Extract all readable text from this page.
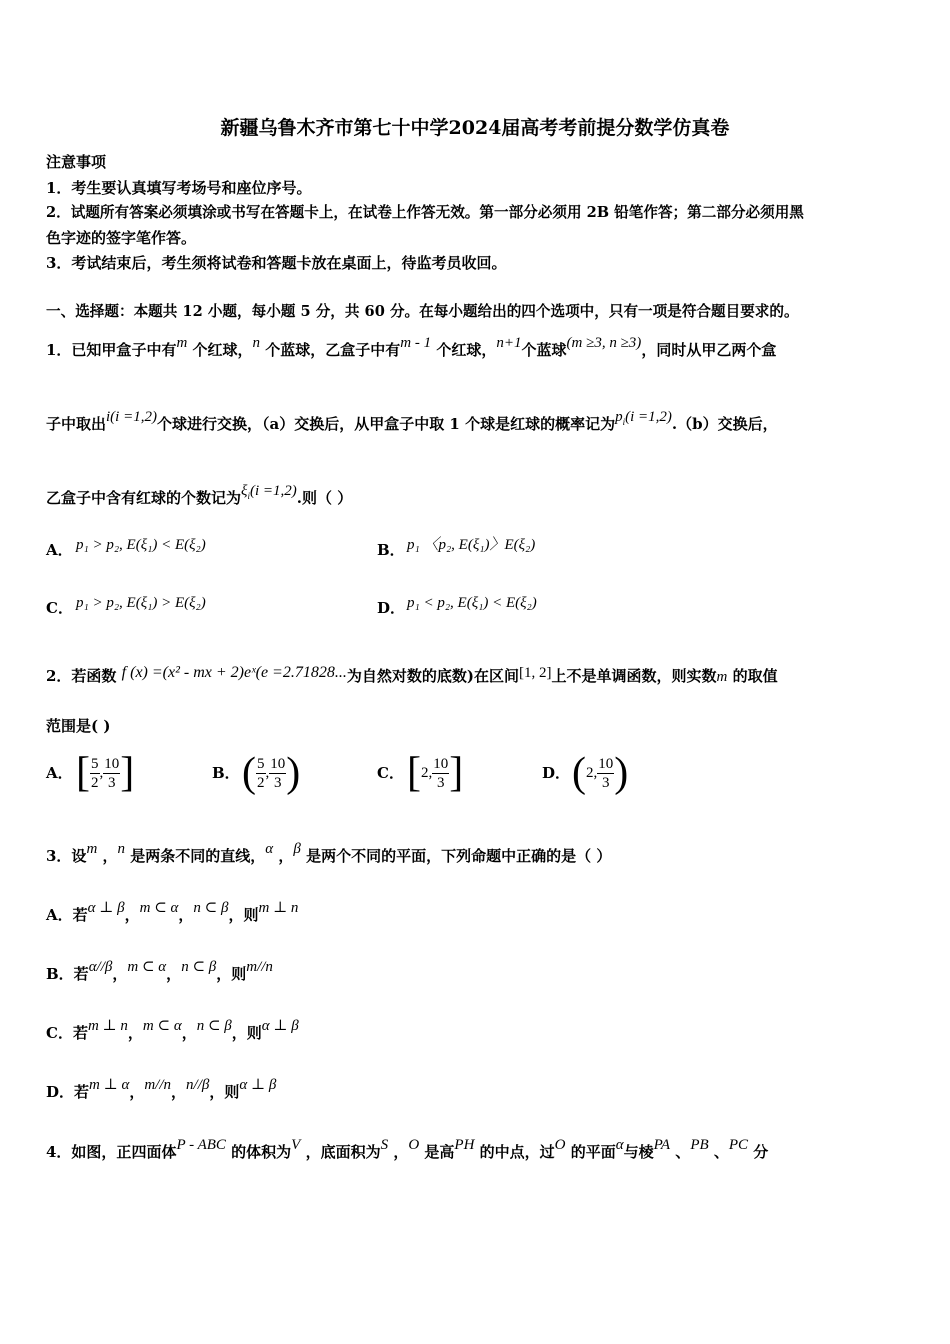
新疆乌鲁木齐市第七十中学2024届高考考前提分数学仿真卷
注意事项
1．考生要认真填写考场号和座位序号。
2．试题所有答案必须填涂或书写在答题卡上，在试卷上作答无效。第一部分必须用 2B 铅笔作答；第二部分必须用黑
色字迹的签字笔作答。
3．考试结束后，考生须将试卷和答题卡放在桌面上，待监考员收回。
一、选择题：本题共 12 小题，每小题 5 分，共 60 分。在每小题给出的四个选项中，只有一项是符合题目要求的。
1．已知甲盒子中有m 个红球，n 个蓝球，乙盒子中有m - 1 个红球，n+1个蓝球(m ≥3, n ≥3)，同时从甲乙两个盒
子中取出i(i =1,2)个球进行交换，（a）交换后，从甲盒子中取 1 个球是红球的概率记为$p_i(i =1,2).(b)$交换后，
乙盒子中含有红球的个数记为$\xi_i(i =1,2)$.则（ ）
A． p₁ > p₂, E(ξ₁) < E(ξ₂)	B． p₁ 〈p₂, E(ξ₁)〉E(ξ₂)
C． p₁ > p₂, E(ξ₁) > E(ξ₂)	D． p₁ < p₂, E(ξ₁) < E(ξ₂)
2．若函数 f (x) =(x² - mx + 2)eˣ(e =2.71828...为自然对数的底数)在区间[1, 2]上不是单调函数，则实数m 的取值
范围是( )
A．[ $\frac{5}{2}$ , $\frac{10}{3}$ ]	B．( $\frac{5}{2}$ , $\frac{10}{3}$ )	C．[2, $\frac{10}{3}$ ]	D．(2, $\frac{10}{3}$ )
3．设m ，n 是两条不同的直线，α ，β 是两个不同的平面，下列命题中正确的是（ ）
A．若α ⊥ β，m ⊂ α，n ⊂ β，则m ⊥ n
B．若α//β，m ⊂ α，n ⊂ β，则m//n
C．若m ⊥ n，m ⊂ α，n ⊂ β，则α ⊥ β
D．若m ⊥ α，m//n，n//β，则α ⊥ β
4．如图，正四面体P - ABC 的体积为V ，底面积为S ，O 是高PH 的中点，过O 的平面α与棱PA 、PB 、PC 分
